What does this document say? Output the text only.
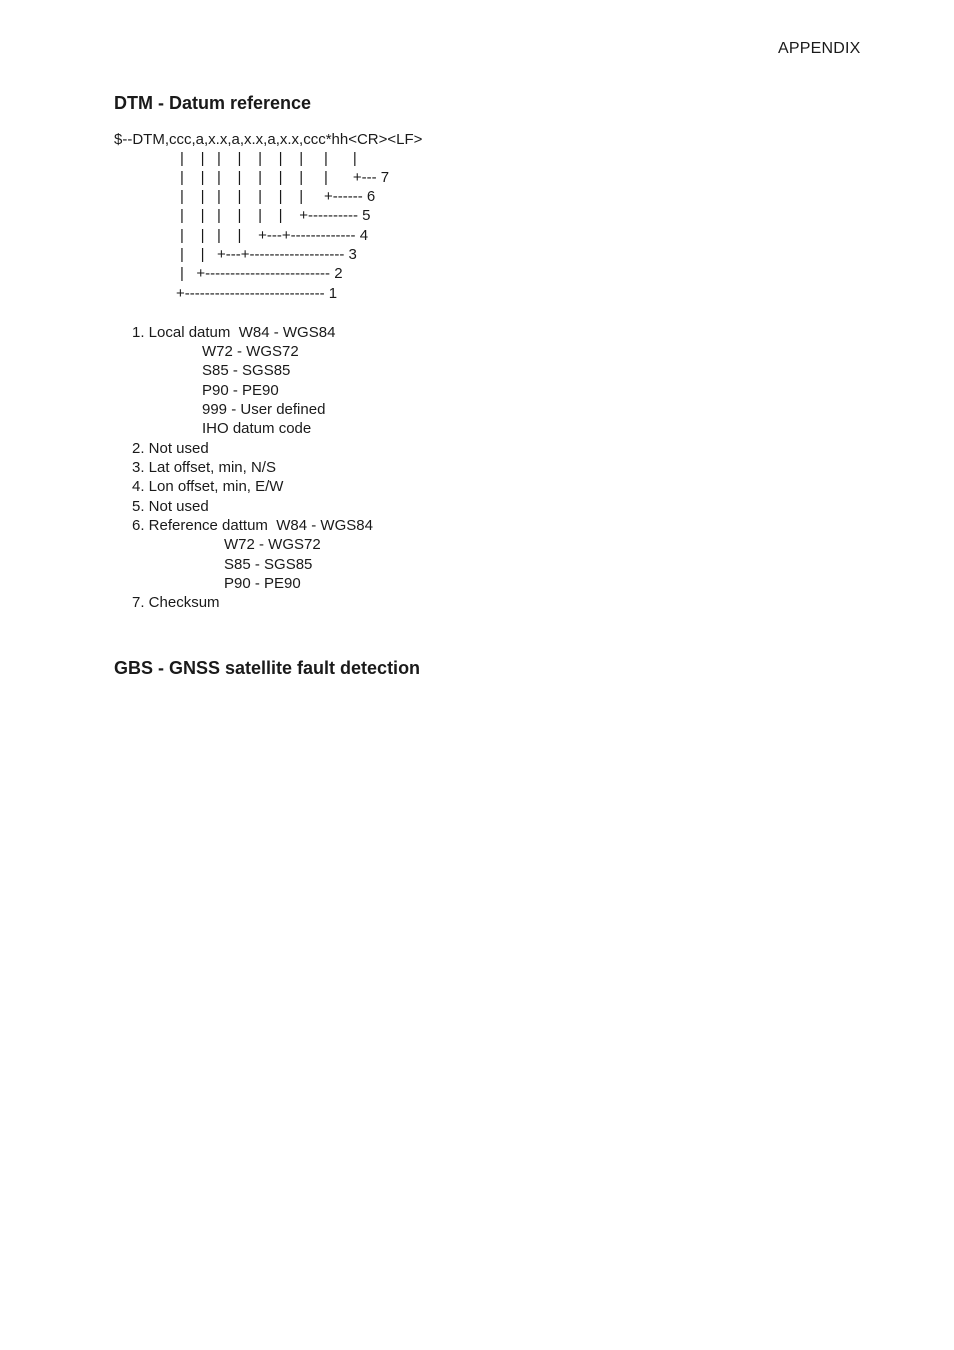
APPENDIX
DTM - Datum reference
$--DTM,ccc,a,x.x,a,x.x,a,x.x,ccc*hh<CR><LF>
|    |   |    |    |    |    |     |      |
|    |   |    |    |    |    |     |      +--- 7
|    |   |    |    |    |    |     +------ 6
|    |   |    |    |    |    +---------- 5
|    |   |    |    +---+------------- 4
|    |   +---+------------------- 3
|   +------------------------- 2
+---------------------------- 1
1. Local datum  W84 - WGS84
W72 - WGS72
S85 - SGS85
P90 - PE90
999 - User defined
IHO datum code
2. Not used
3. Lat offset, min, N/S
4. Lon offset, min, E/W
5. Not used
6. Reference dattum  W84 - WGS84
W72 - WGS72
S85 - SGS85
P90 - PE90
7. Checksum
GBS - GNSS satellite fault detection
